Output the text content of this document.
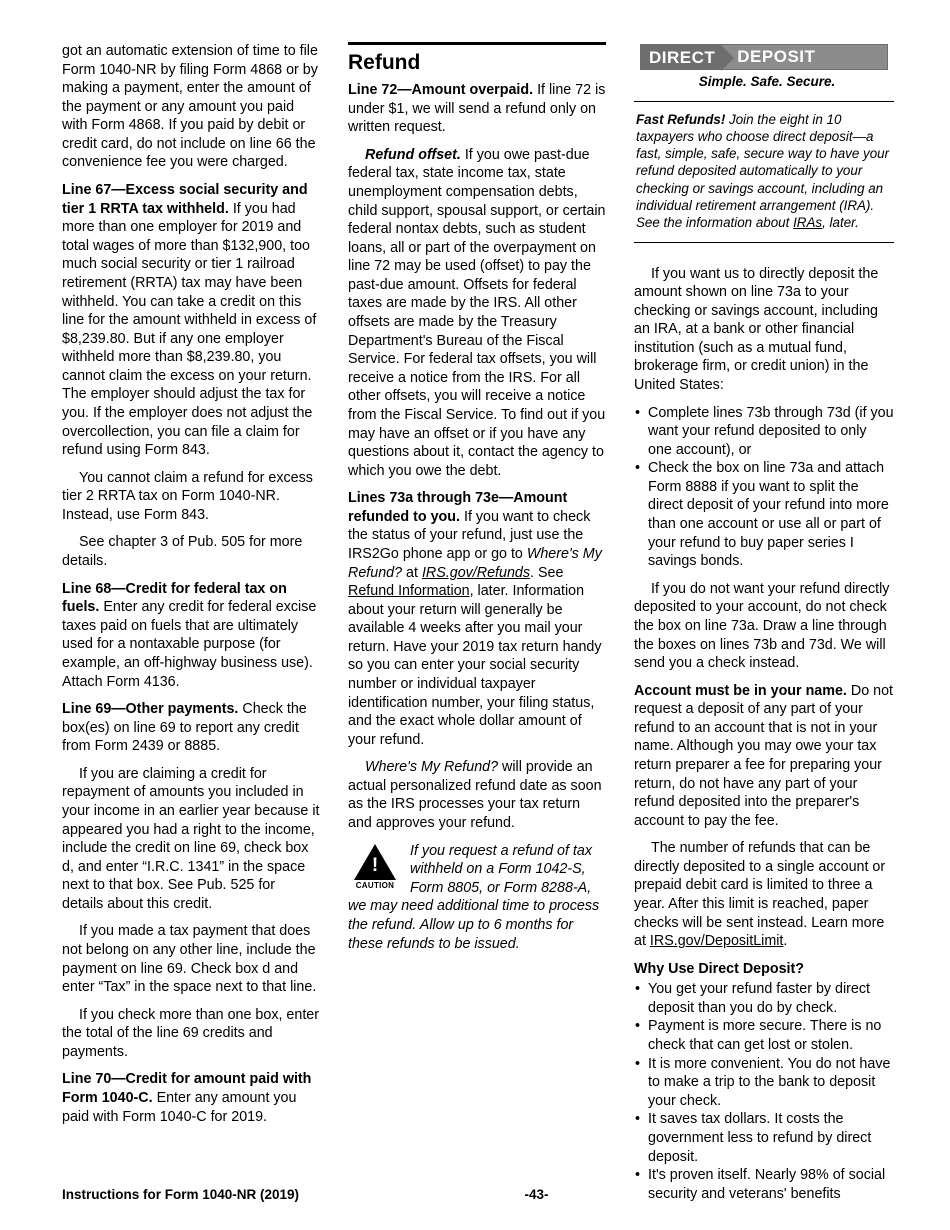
got an automatic extension of time to file Form 1040-NR by filing Form 4868 or by making a payment, enter the amount of the payment or any amount you paid with Form 4868. If you paid by debit or credit card, do not include on line 66 the convenience fee you were charged.

Line 67—Excess social security and tier 1 RRTA tax withheld. If you had more than one employer for 2019 and total wages of more than $132,900, too much social security or tier 1 railroad retirement (RRTA) tax may have been withheld. You can take a credit on this line for the amount withheld in excess of $8,239.80. But if any one employer withheld more than $8,239.80, you cannot claim the excess on your return. The employer should adjust the tax for you. If the employer does not adjust the overcollection, you can file a claim for refund using Form 843.

You cannot claim a refund for excess tier 2 RRTA tax on Form 1040-NR. Instead, use Form 843.

See chapter 3 of Pub. 505 for more details.

Line 68—Credit for federal tax on fuels. Enter any credit for federal excise taxes paid on fuels that are ultimately used for a nontaxable purpose (for example, an off-highway business use). Attach Form 4136.

Line 69—Other payments. Check the box(es) on line 69 to report any credit from Form 2439 or 8885.

If you are claiming a credit for repayment of amounts you included in your income in an earlier year because it appeared you had a right to the income, include the credit on line 69, check box d, and enter “I.R.C. 1341” in the space next to that box. See Pub. 525 for details about this credit.

If you made a tax payment that does not belong on any other line, include the payment on line 69. Check box d and enter “Tax” in the space next to that line.

If you check more than one box, enter the total of the line 69 credits and payments.

Line 70—Credit for amount paid with Form 1040-C. Enter any amount you paid with Form 1040-C for 2019.

Refund

Line 72—Amount overpaid. If line 72 is under $1, we will send a refund only on written request.

Refund offset. If you owe past-due federal tax, state income tax, state unemployment compensation debts, child support, spousal support, or certain federal nontax debts, such as student loans, all or part of the overpayment on line 72 may be used (offset) to pay the past-due amount. Offsets for federal taxes are made by the IRS. All other offsets are made by the Treasury Department's Bureau of the Fiscal Service. For federal tax offsets, you will receive a notice from the IRS. For all other offsets, you will receive a notice from the Fiscal Service. To find out if you may have an offset or if you have any questions about it, contact the agency to which you owe the debt.

Lines 73a through 73e—Amount refunded to you. If you want to check the status of your refund, just use the IRS2Go phone app or go to Where's My Refund? at IRS.gov/Refunds. See Refund Information, later. Information about your return will generally be available 4 weeks after you mail your return. Have your 2019 tax return handy so you can enter your social security number or individual taxpayer identification number, your filing status, and the exact whole dollar amount of your refund.

Where's My Refund? will provide an actual personalized refund date as soon as the IRS processes your tax return and approves your refund.

!
CAUTION
If you request a refund of tax withheld on a Form 1042-S, Form 8805, or Form 8288-A, we may need additional time to process the refund. Allow up to 6 months for these refunds to be issued.
DIRECT	DEPOSIT
Simple. Safe. Secure.
Fast Refunds! Join the eight in 10 taxpayers who choose direct deposit—a fast, simple, safe, secure way to have your refund deposited automatically to your checking or savings account, including an individual retirement arrangement (IRA). See the information about IRAs, later.

If you want us to directly deposit the amount shown on line 73a to your checking or savings account, including an IRA, at a bank or other financial institution (such as a mutual fund, brokerage firm, or credit union) in the United States:

• Complete lines 73b through 73d (if you want your refund deposited to only one account), or
• Check the box on line 73a and attach Form 8888 if you want to split the direct deposit of your refund into more than one account or use all or part of your refund to buy paper series I savings bonds.

If you do not want your refund directly deposited to your account, do not check the box on line 73a. Draw a line through the boxes on lines 73b and 73d. We will send you a check instead.

Account must be in your name. Do not request a deposit of any part of your refund to an account that is not in your name. Although you may owe your tax return preparer a fee for preparing your return, do not have any part of your refund deposited into the preparer's account to pay the fee.

The number of refunds that can be directly deposited to a single account or prepaid debit card is limited to three a year. After this limit is reached, paper checks will be sent instead. Learn more at IRS.gov/DepositLimit.

Why Use Direct Deposit?

• You get your refund faster by direct deposit than you do by check.
• Payment is more secure. There is no check that can get lost or stolen.
• It is more convenient. You do not have to make a trip to the bank to deposit your check.
• It saves tax dollars. It costs the government less to refund by direct deposit.
• It's proven itself. Nearly 98% of social security and veterans' benefits
Instructions for Form 1040-NR (2019)	-43-
